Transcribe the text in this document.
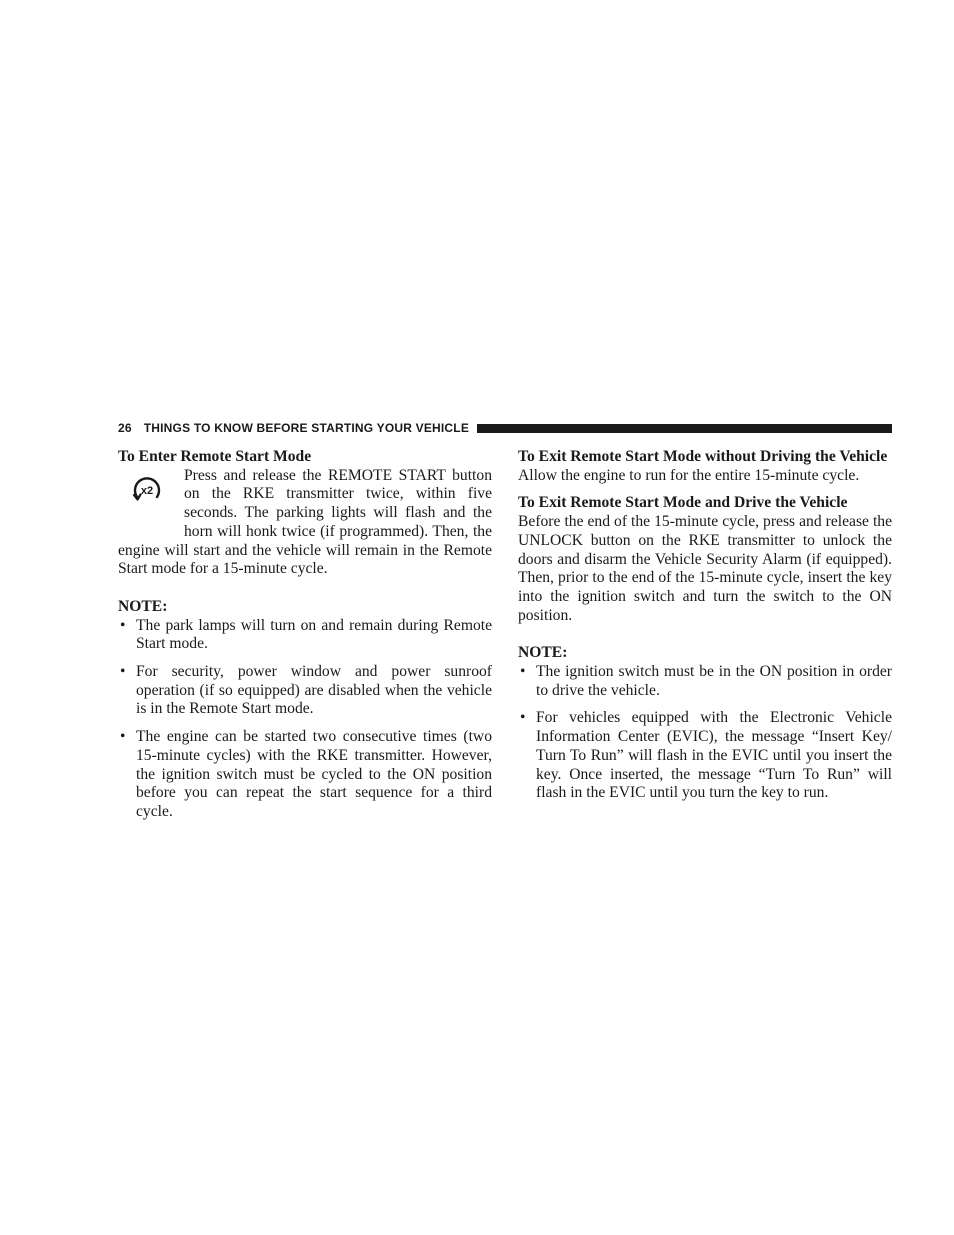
26 THINGS TO KNOW BEFORE STARTING YOUR VEHICLE
To Enter Remote Start Mode
x2

Press and release the REMOTE START button on the RKE transmitter twice, within five seconds. The parking lights will flash and the horn will honk twice (if programmed). Then, the engine will start and the vehicle will remain in the Remote Start mode for a 15-minute cycle.

NOTE:
• The park lamps will turn on and remain during Remote Start mode.
• For security, power window and power sunroof operation (if so equipped) are disabled when the vehicle is in the Remote Start mode.
• The engine can be started two consecutive times (two 15-minute cycles) with the RKE transmitter. However, the ignition switch must be cycled to the ON position before you can repeat the start sequence for a third cycle.
To Exit Remote Start Mode without Driving the Vehicle

Allow the engine to run for the entire 15-minute cycle.

To Exit Remote Start Mode and Drive the Vehicle

Before the end of the 15-minute cycle, press and release the UNLOCK button on the RKE transmitter to unlock the doors and disarm the Vehicle Security Alarm (if equipped). Then, prior to the end of the 15-minute cycle, insert the key into the ignition switch and turn the switch to the ON position.

NOTE:
• The ignition switch must be in the ON position in order to drive the vehicle.
• For vehicles equipped with the Electronic Vehicle Information Center (EVIC), the message “Insert Key/ Turn To Run” will flash in the EVIC until you insert the key. Once inserted, the message “Turn To Run” will flash in the EVIC until you turn the key to run.
